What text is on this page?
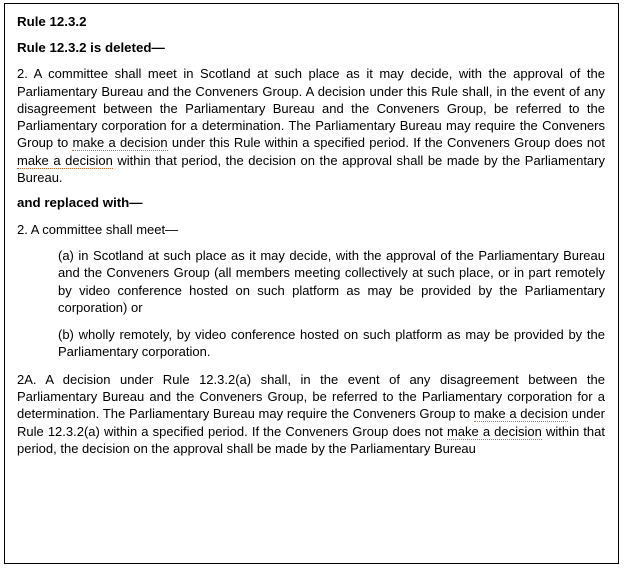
Rule 12.3.2

Rule 12.3.2 is deleted—

2. A committee shall meet in Scotland at such place as it may decide, with the approval of the Parliamentary Bureau and the Conveners Group. A decision under this Rule shall, in the event of any disagreement between the Parliamentary Bureau and the Conveners Group, be referred to the Parliamentary corporation for a determination. The Parliamentary Bureau may require the Conveners Group to make a decision under this Rule within a specified period. If the Conveners Group does not make a decision within that period, the decision on the approval shall be made by the Parliamentary Bureau.

and replaced with—

2. A committee shall meet—

(a) in Scotland at such place as it may decide, with the approval of the Parliamentary Bureau and the Conveners Group (all members meeting collectively at such place, or in part remotely by video conference hosted on such platform as may be provided by the Parliamentary corporation) or

(b) wholly remotely, by video conference hosted on such platform as may be provided by the Parliamentary corporation.

2A. A decision under Rule 12.3.2(a) shall, in the event of any disagreement between the Parliamentary Bureau and the Conveners Group, be referred to the Parliamentary corporation for a determination. The Parliamentary Bureau may require the Conveners Group to make a decision under Rule 12.3.2(a) within a specified period. If the Conveners Group does not make a decision within that period, the decision on the approval shall be made by the Parliamentary Bureau
